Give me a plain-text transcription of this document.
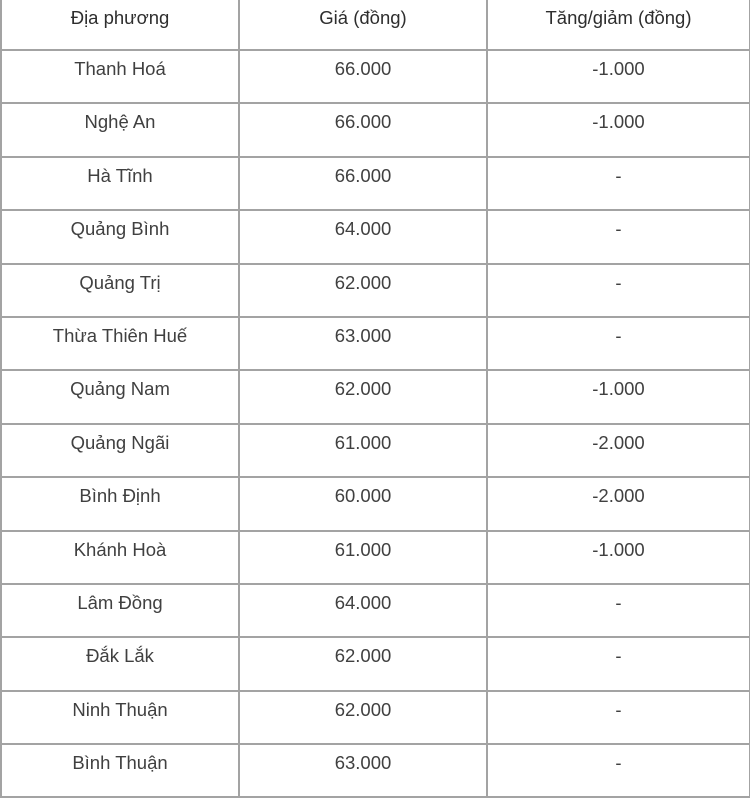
Địa phương	Giá (đồng)	Tăng/giảm (đồng)
Thanh Hoá	66.000	-1.000
Nghệ An	66.000	-1.000
Hà Tĩnh	66.000	-
Quảng Bình	64.000	-
Quảng Trị	62.000	-
Thừa Thiên Huế	63.000	-
Quảng Nam	62.000	-1.000
Quảng Ngãi	61.000	-2.000
Bình Định	60.000	-2.000
Khánh Hoà	61.000	-1.000
Lâm Đồng	64.000	-
Đắk Lắk	62.000	-
Ninh Thuận	62.000	-
Bình Thuận	63.000	-
